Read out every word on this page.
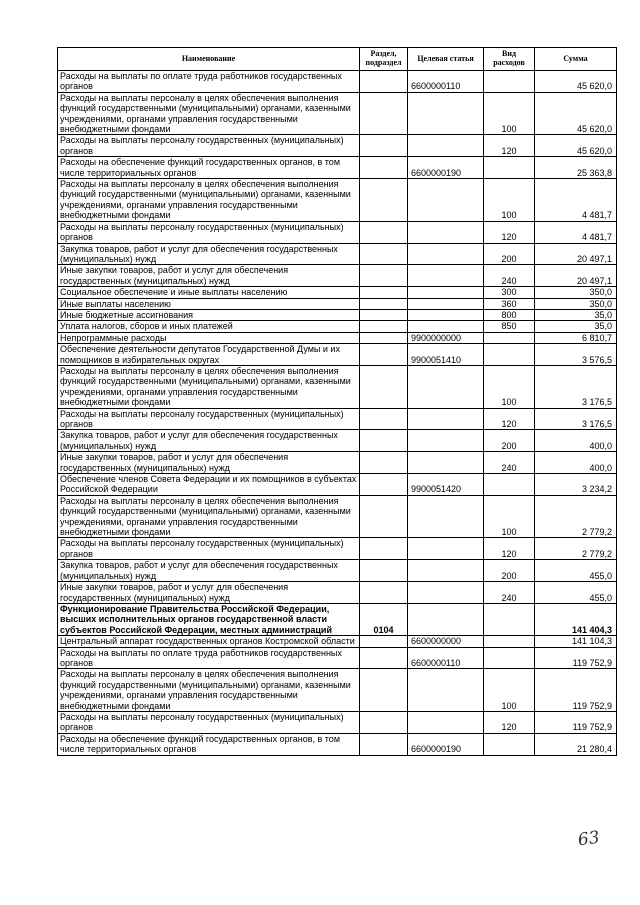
Наименование	Раздел, подраздел	Целевая статья	Вид расходов	Сумма
Расходы на выплаты по оплате труда работников государственных органов		6600000110		45 620,0
Расходы на выплаты персоналу в целях обеспечения выполнения функций государственными (муниципальными) органами, казенными учреждениями, органами управления государственными внебюджетными фондами			100	45 620,0
Расходы на выплаты персоналу государственных (муниципальных) органов			120	45 620,0
Расходы на обеспечение функций государственных органов, в том числе территориальных органов		6600000190		25 363,8
Расходы на выплаты персоналу в целях обеспечения выполнения функций государственными (муниципальными) органами, казенными учреждениями, органами управления государственными внебюджетными фондами			100	4 481,7
Расходы на выплаты персоналу государственных (муниципальных) органов			120	4 481,7
Закупка товаров, работ и услуг для обеспечения государственных (муниципальных) нужд			200	20 497,1
Иные закупки товаров, работ и услуг для обеспечения государственных (муниципальных) нужд			240	20 497,1
Социальное обеспечение и иные выплаты населению			300	350,0
Иные выплаты населению			360	350,0
Иные бюджетные ассигнования			800	35,0
Уплата налогов, сборов и иных платежей			850	35,0
Непрограммные расходы		9900000000		6 810,7
Обеспечение деятельности депутатов Государственной Думы и их помощников в избирательных округах		9900051410		3 576,5
Расходы на выплаты персоналу в целях обеспечения выполнения функций государственными (муниципальными) органами, казенными учреждениями, органами управления государственными внебюджетными фондами			100	3 176,5
Расходы на выплаты персоналу государственных (муниципальных) органов			120	3 176,5
Закупка товаров, работ и услуг для обеспечения государственных (муниципальных) нужд			200	400,0
Иные закупки товаров, работ и услуг для обеспечения государственных (муниципальных) нужд			240	400,0
Обеспечение членов Совета Федерации и их помощников в субъектах Российской Федерации		9900051420		3 234,2
Расходы на выплаты персоналу в целях обеспечения выполнения функций государственными (муниципальными) органами, казенными учреждениями, органами управления государственными внебюджетными фондами			100	2 779,2
Расходы на выплаты персоналу государственных (муниципальных) органов			120	2 779,2
Закупка товаров, работ и услуг для обеспечения государственных (муниципальных) нужд			200	455,0
Иные закупки товаров, работ и услуг для обеспечения государственных (муниципальных) нужд			240	455,0
Функционирование Правительства Российской Федерации, высших исполнительных органов государственной власти субъектов Российской Федерации, местных администраций	0104			141 404,3
Центральный аппарат государственных органов Костромской области		6600000000		141 104,3
Расходы на выплаты по оплате труда работников государственных органов		6600000110		119 752,9
Расходы на выплаты персоналу в целях обеспечения выполнения функций государственными (муниципальными) органами, казенными учреждениями, органами управления государственными внебюджетными фондами			100	119 752,9
Расходы на выплаты персоналу государственных (муниципальных) органов			120	119 752,9
Расходы на обеспечение функций государственных органов, в том числе территориальных органов		6600000190		21 280,4
63
